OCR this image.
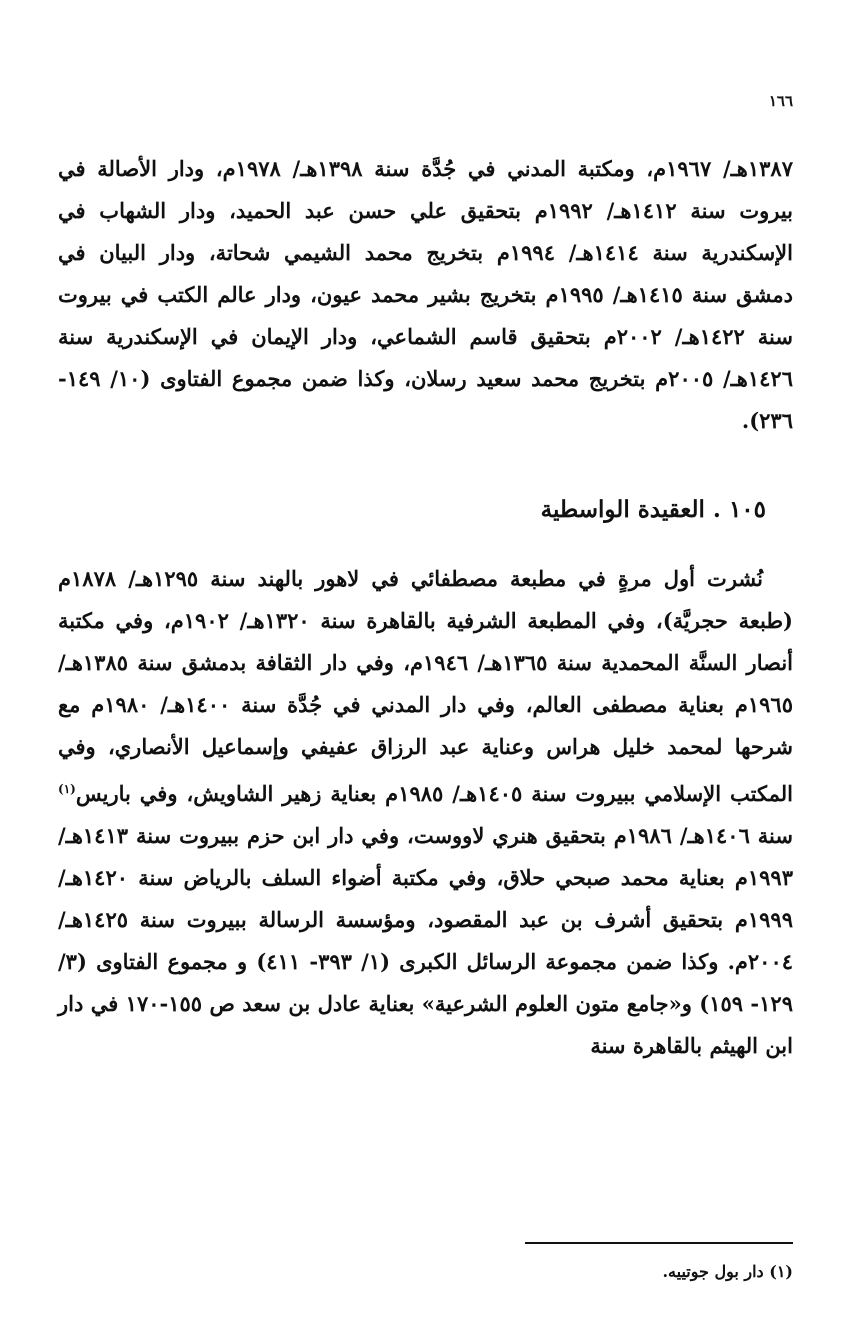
١٦٦

١٣٨٧هـ/ ١٩٦٧م، ومكتبة المدني في جُدَّة سنة ١٣٩٨هـ/ ١٩٧٨م، ودار الأصالة في بيروت سنة ١٤١٢هـ/ ١٩٩٢م بتحقيق علي حسن عبد الحميد، ودار الشهاب في الإسكندرية سنة ١٤١٤هـ/ ١٩٩٤م بتخريج محمد الشيمي شحاتة، ودار البيان في دمشق سنة ١٤١٥هـ/ ١٩٩٥م بتخريج بشير محمد عيون، ودار عالم الكتب في بيروت سنة ١٤٢٢هـ/ ٢٠٠٢م بتحقيق قاسم الشماعي، ودار الإيمان في الإسكندرية سنة ١٤٢٦هـ/ ٢٠٠٥م بتخريج محمد سعيد رسلان، وكذا ضمن مجموع الفتاوى (١٠/ ١٤٩- ٢٣٦).

١٠٥ . العقيدة الواسطية

نُشرت أول مرةٍ في مطبعة مصطفائي في لاهور بالهند سنة ١٢٩٥هـ/ ١٨٧٨م (طبعة حجريَّة)، وفي المطبعة الشرفية بالقاهرة سنة ١٣٢٠هـ/ ١٩٠٢م، وفي مكتبة أنصار السنَّة المحمدية سنة ١٣٦٥هـ/ ١٩٤٦م، وفي دار الثقافة بدمشق سنة ١٣٨٥هـ/ ١٩٦٥م بعناية مصطفى العالم، وفي دار المدني في جُدَّة سنة ١٤٠٠هـ/ ١٩٨٠م مع شرحها لمحمد خليل هراس وعناية عبد الرزاق عفيفي وإسماعيل الأنصاري، وفي المكتب الإسلامي ببيروت سنة ١٤٠٥هـ/ ١٩٨٥م بعناية زهير الشاويش، وفي باريس$^{(١)}$ سنة ١٤٠٦هـ/ ١٩٨٦م بتحقيق هنري لاووست، وفي دار ابن حزم ببيروت سنة ١٤١٣هـ/ ١٩٩٣م بعناية محمد صبحي حلاق، وفي مكتبة أضواء السلف بالرياض سنة ١٤٢٠هـ/ ١٩٩٩م بتحقيق أشرف بن عبد المقصود، ومؤسسة الرسالة ببيروت سنة ١٤٢٥هـ/ ٢٠٠٤م. وكذا ضمن مجموعة الرسائل الكبرى (١/ ٣٩٣- ٤١١) و مجموع الفتاوى (٣/ ١٢٩- ١٥٩) و«جامع متون العلوم الشرعية» بعناية عادل بن سعد ص ١٥٥-١٧٠ في دار ابن الهيثم بالقاهرة سنة

(١) دار بول جوتييه.
